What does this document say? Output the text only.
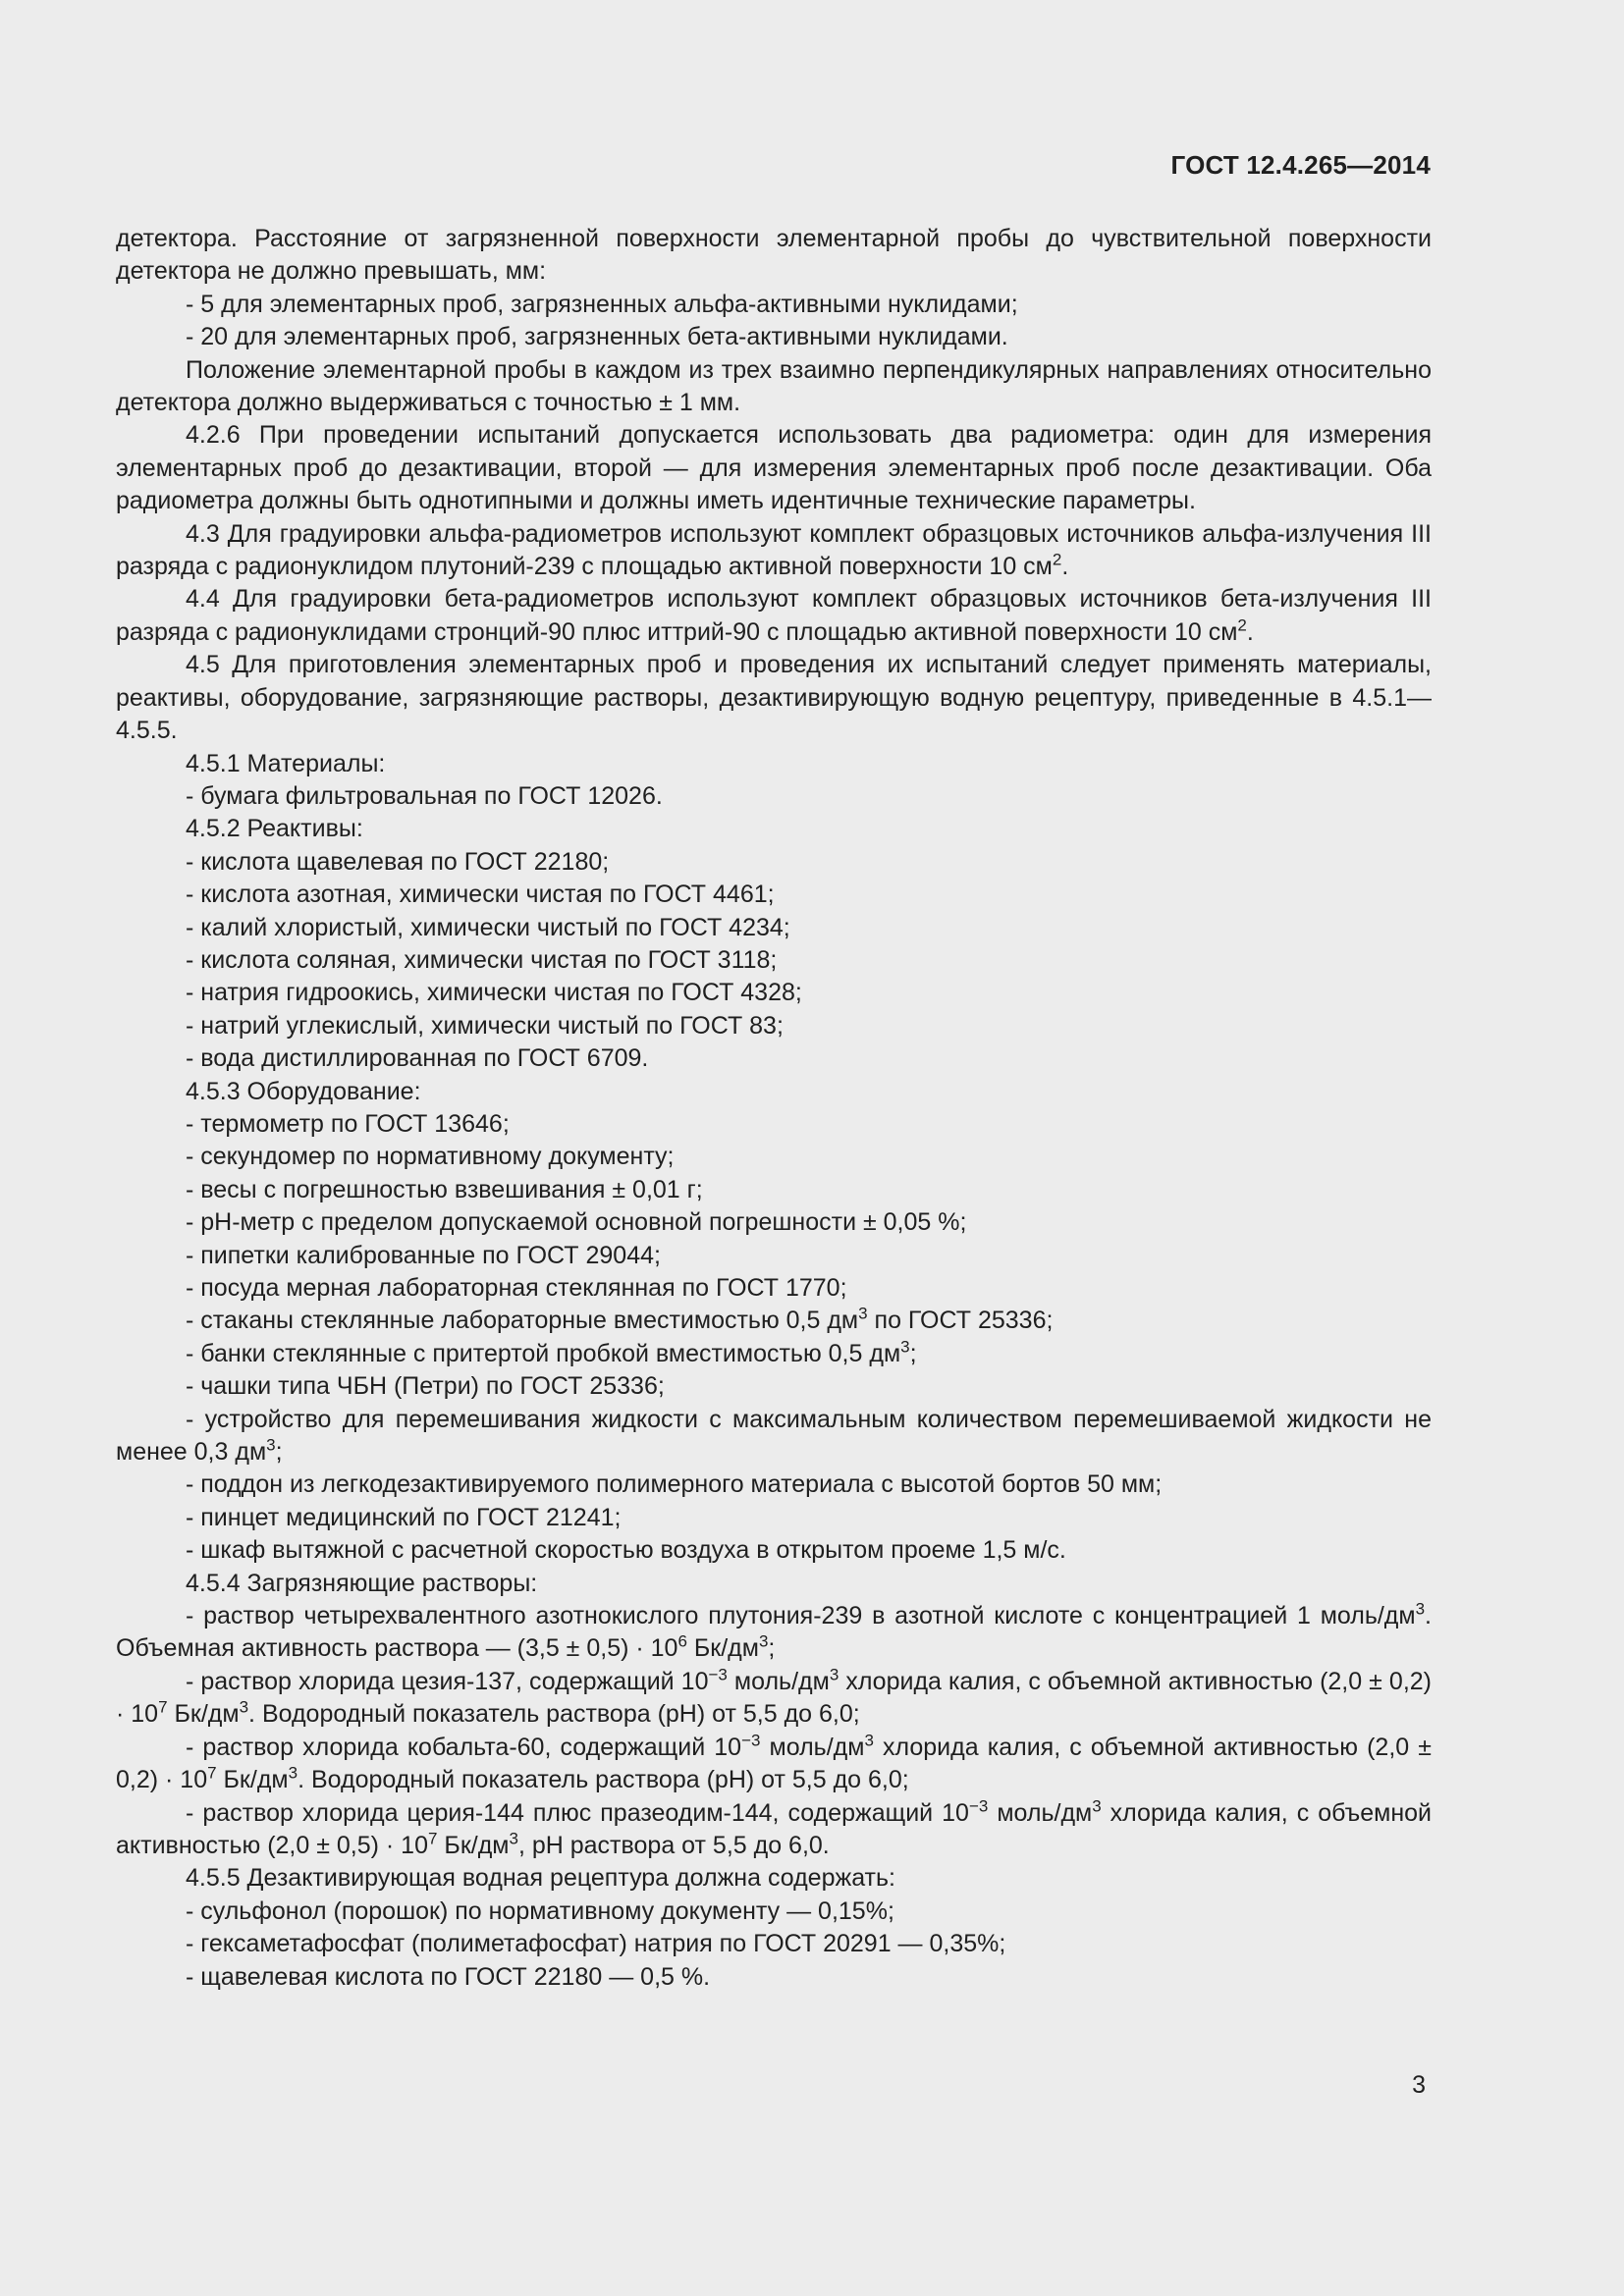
ГОСТ 12.4.265—2014

детектора. Расстояние от загрязненной поверхности элементарной пробы до чувствительной поверхности детектора не должно превышать, мм:

- 5 для элементарных проб, загрязненных альфа-активными нуклидами;

- 20 для элементарных проб, загрязненных бета-активными нуклидами.

Положение элементарной пробы в каждом из трех взаимно перпендикулярных направлениях относительно детектора должно выдерживаться с точностью ± 1 мм.

4.2.6 При проведении испытаний допускается использовать два радиометра: один для измерения элементарных проб до дезактивации, второй — для измерения элементарных проб после дезактивации. Оба радиометра должны быть однотипными и должны иметь идентичные технические параметры.

4.3 Для градуировки альфа-радиометров используют комплект образцовых источников альфа-излучения III разряда с радионуклидом плутоний-239 с площадью активной поверхности 10 $см^2$.

4.4 Для градуировки бета-радиометров используют комплект образцовых источников бета-излучения III разряда с радионуклидами стронций-90 плюс иттрий-90 с площадью активной поверхности 10 $см^2$.

4.5 Для приготовления элементарных проб и проведения их испытаний следует применять материалы, реактивы, оборудование, загрязняющие растворы, дезактивирующую водную рецептуру, приведенные в 4.5.1—4.5.5.

4.5.1 Материалы:

- бумага фильтровальная по ГОСТ 12026.

4.5.2 Реактивы:

- кислота щавелевая по ГОСТ 22180;

- кислота азотная, химически чистая по ГОСТ 4461;

- калий хлористый, химически чистый по ГОСТ 4234;

- кислота соляная, химически чистая по ГОСТ 3118;

- натрия гидроокись, химически чистая по ГОСТ 4328;

- натрий углекислый, химически чистый по ГОСТ 83;

- вода дистиллированная по ГОСТ 6709.

4.5.3 Оборудование:

- термометр по ГОСТ 13646;

- секундомер по нормативному документу;

- весы с погрешностью взвешивания ± 0,01 г;

- pH-метр с пределом допускаемой основной погрешности ± 0,05 %;

- пипетки калиброванные по ГОСТ 29044;

- посуда мерная лабораторная стеклянная по ГОСТ 1770;

- стаканы стеклянные лабораторные вместимостью 0,5 $дм^3$ по ГОСТ 25336;

- банки стеклянные с притертой пробкой вместимостью 0,5 $дм^3$;

- чашки типа ЧБН (Петри) по ГОСТ 25336;

- устройство для перемешивания жидкости с максимальным количеством перемешиваемой жидкости не менее 0,3 $дм^3$;

- поддон из легкодезактивируемого полимерного материала с высотой бортов 50 мм;

- пинцет медицинский по ГОСТ 21241;

- шкаф вытяжной с расчетной скоростью воздуха в открытом проеме 1,5 м/с.

4.5.4 Загрязняющие растворы:

- раствор четырехвалентного азотнокислого плутония-239 в азотной кислоте с концентрацией 1 моль/$дм^3$. Объемная активность раствора — $(3,5 \pm 0,5) \cdot 10^6$ $Бк/дм^3$;

- раствор хлорида цезия-137, содержащий $10^{-3}$ моль/$дм^3$ хлорида калия, с объемной активностью $(2,0 \pm 0,2) \cdot 10^7$ $Бк/дм^3$. Водородный показатель раствора (pH) от 5,5 до 6,0;

- раствор хлорида кобальта-60, содержащий $10^{-3}$ моль/$дм^3$ хлорида калия, с объемной активностью $(2,0 \pm 0,2) \cdot 10^7$ $Бк/дм^3$. Водородный показатель раствора (pH) от 5,5 до 6,0;

- раствор хлорида церия-144 плюс празеодим-144, содержащий $10^{-3}$ моль/$дм^3$ хлорида калия, с объемной активностью $(2,0 \pm 0,5) \cdot 10^7$ $Бк/дм^3$, pH раствора от 5,5 до 6,0.

4.5.5 Дезактивирующая водная рецептура должна содержать:

- сульфонол (порошок) по нормативному документу — 0,15%;

- гексаметафосфат (полиметафосфат) натрия по ГОСТ 20291 — 0,35%;

- щавелевая кислота по ГОСТ 22180 — 0,5 %.

3
